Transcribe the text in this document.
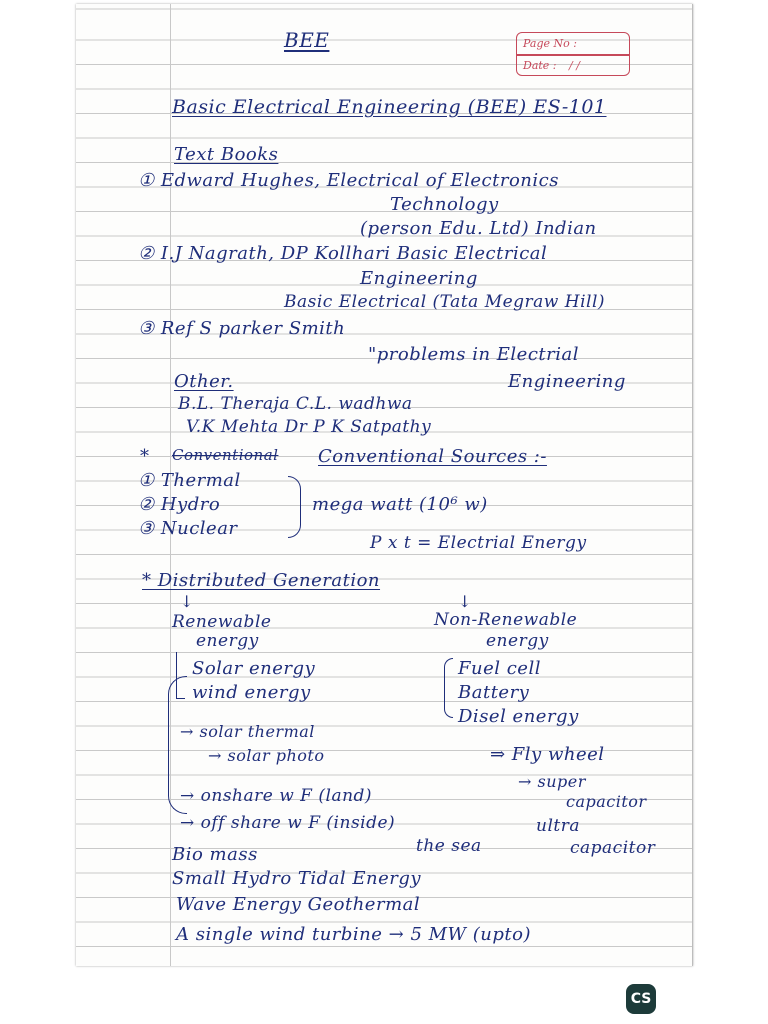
BEE	Page No :
Date : / /
Basic Electrical Engineering (BEE) ES-101
Text Books
① Edward Hughes, Electrical of Electronics
Technology
(person Edu. Ltd) Indian
② I.J Nagrath, DP Kollhari Basic Electrical
Engineering
Basic Electrical (Tata Megraw Hill)
③ Ref S parker Smith
"problems in Electrial
Other.	Engineering
B.L. Theraja C.L. wadhwa
V.K Mehta Dr P K Satpathy
* Conventional Conventional Sources :-
① Thermal
② Hydro
③ Nuclear
mega watt (10⁶ w)
P x t = Electrial Energy
* Distributed Generation
↓	↓
Renewable
energy
Non-Renewable
energy
Solar energy
wind energy
→ solar thermal
→ solar photo
Fuel cell
Battery
Disel energy
⇒ Fly wheel
→ super
capacitor
→ onshare w F (land)
→ off share w F (inside)
the sea
ultra
capacitor
Bio mass
Small Hydro Tidal Energy
Wave Energy Geothermal
A single wind turbine → 5 MW (upto)
CS
